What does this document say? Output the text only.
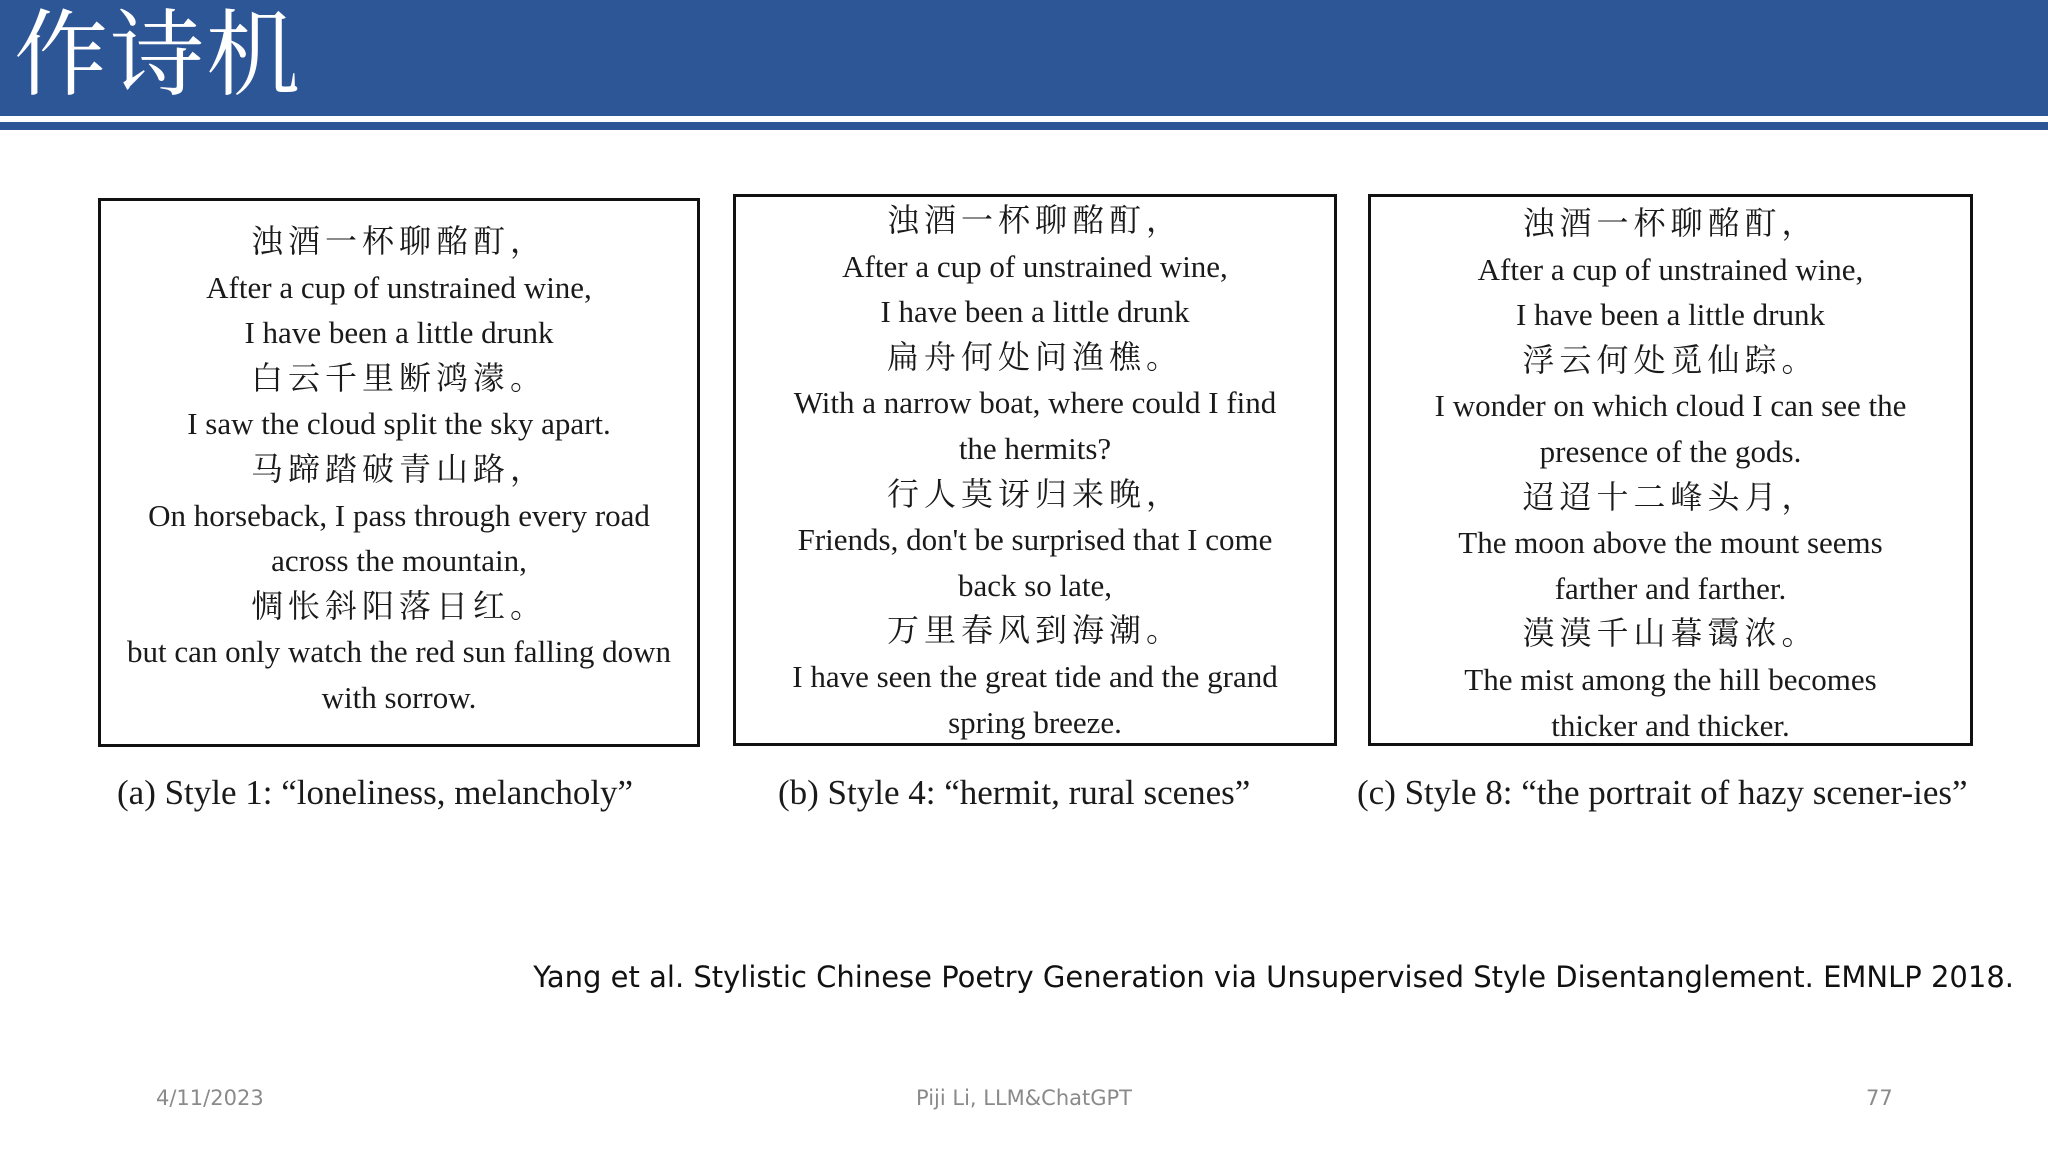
作诗机
浊酒一杯聊酩酊，
After a cup of unstrained wine,
I have been a little drunk
白云千里断鸿濛。
I saw the cloud split the sky apart.
马蹄踏破青山路，
On horseback, I pass through every road
across the mountain,
惆怅斜阳落日红。
but can only watch the red sun falling down
with sorrow.
浊酒一杯聊酩酊，
After a cup of unstrained wine,
I have been a little drunk
扁舟何处问渔樵。
With a narrow boat, where could I find
the hermits?
行人莫讶归来晚，
Friends, don't be surprised that I come
back so late,
万里春风到海潮。
I have seen the great tide and the grand
spring breeze.
浊酒一杯聊酩酊，
After a cup of unstrained wine,
I have been a little drunk
浮云何处觅仙踪。
I wonder on which cloud I can see the
presence of the gods.
迢迢十二峰头月，
The moon above the mount seems
farther and farther.
漠漠千山暮霭浓。
The mist among the hill becomes
thicker and thicker.
(a) Style 1: “loneliness, melancholy”	(b) Style 4: “hermit, rural scenes”	(c) Style 8: “the portrait of hazy scener-ies”
Yang et al. Stylistic Chinese Poetry Generation via Unsupervised Style Disentanglement. EMNLP 2018.
4/11/2023	Piji Li, LLM&ChatGPT	77
